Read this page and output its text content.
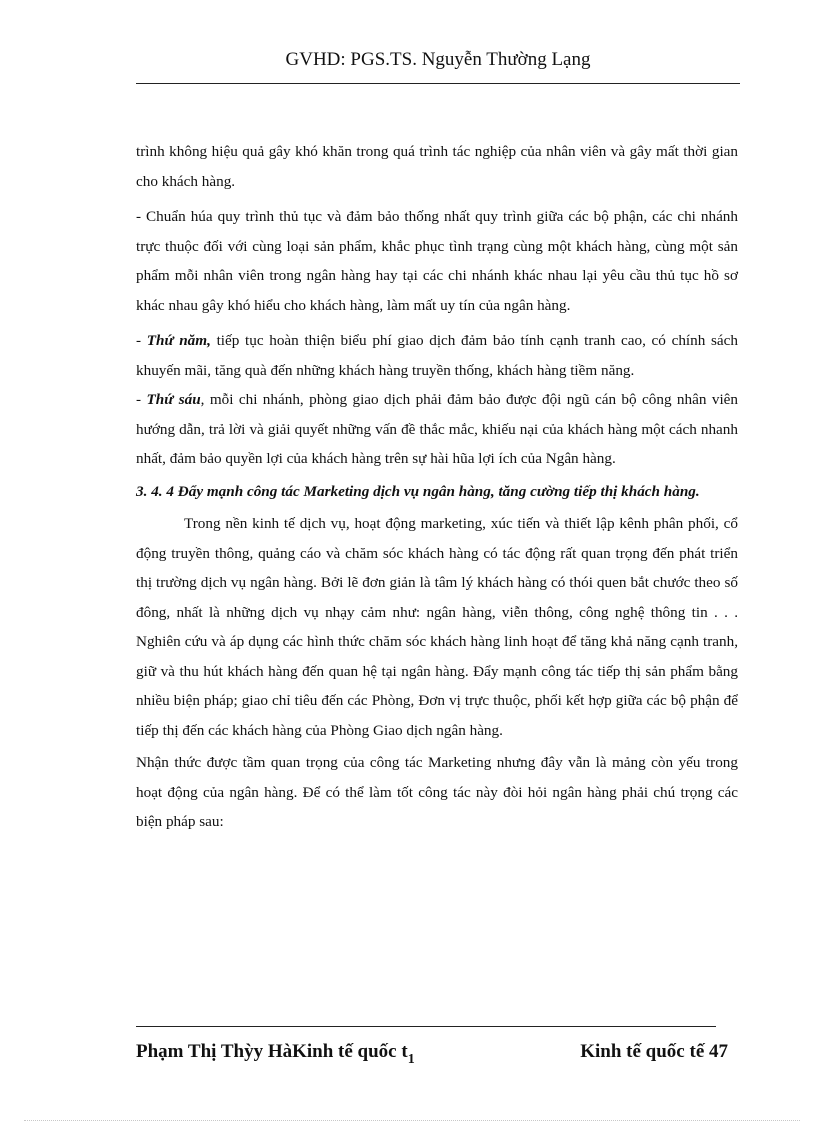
GVHD: PGS.TS. Nguyễn Thường Lạng

trình không hiệu quả gây khó khăn trong quá trình tác nghiệp của nhân viên và gây mất thời gian cho khách hàng.

- Chuẩn húa quy trình thủ tục và đảm bảo thống nhất quy trình giữa các bộ phận, các chi nhánh trực thuộc đối với cùng loại sản phẩm, khắc phục tình trạng cùng một khách hàng, cùng một sản phẩm mỗi nhân viên trong ngân hàng hay tại các chi nhánh khác nhau lại yêu cầu thủ tục hồ sơ khác nhau gây khó hiểu cho khách hàng, làm mất uy tín của ngân hàng.

- Thứ năm, tiếp tục hoàn thiện biểu phí giao dịch đảm bảo tính cạnh tranh cao, có chính sách khuyến mãi, tăng quà đến những khách hàng truyền thống, khách hàng tiềm năng.

- Thứ sáu, mỗi chi nhánh, phòng giao dịch phải đảm bảo được đội ngũ cán bộ công nhân viên hướng dẫn, trả lời và giải quyết những vấn đề thắc mắc, khiếu nại của khách hàng một cách nhanh nhất, đảm bảo quyền lợi của khách hàng trên sự hài hũa lợi ích của Ngân hàng.

3. 4. 4 Đẩy mạnh công tác Marketing dịch vụ ngân hàng, tăng cường tiếp thị khách hàng.

Trong nền kinh tế dịch vụ, hoạt động marketing, xúc tiến và thiết lập kênh phân phối, cổ động truyền thông, quảng cáo và chăm sóc khách hàng có tác động rất quan trọng đến phát triển thị trường dịch vụ ngân hàng. Bởi lẽ đơn giản là tâm lý khách hàng có thói quen bắt chước theo số đông, nhất là những dịch vụ nhạy cảm như: ngân hàng, viễn thông, công nghệ thông tin . . . Nghiên cứu và áp dụng các hình thức chăm sóc khách hàng linh hoạt để tăng khả năng cạnh tranh, giữ và thu hút khách hàng đến quan hệ tại ngân hàng. Đẩy mạnh công tác tiếp thị sản phẩm bằng nhiều biện pháp; giao chỉ tiêu đến các Phòng, Đơn vị trực thuộc, phối kết hợp giữa các bộ phận để tiếp thị đến các khách hàng của Phòng Giao dịch ngân hàng.

Nhận thức được tầm quan trọng của công tác Marketing nhưng đây vẫn là mảng còn yếu trong hoạt động của ngân hàng. Để có thể làm tốt công tác này đòi hỏi ngân hàng phải chú trọng các biện pháp sau:

Phạm Thị Thỳy HàKinh tế quốc $t_1$	Kinh tế quốc tế 47
